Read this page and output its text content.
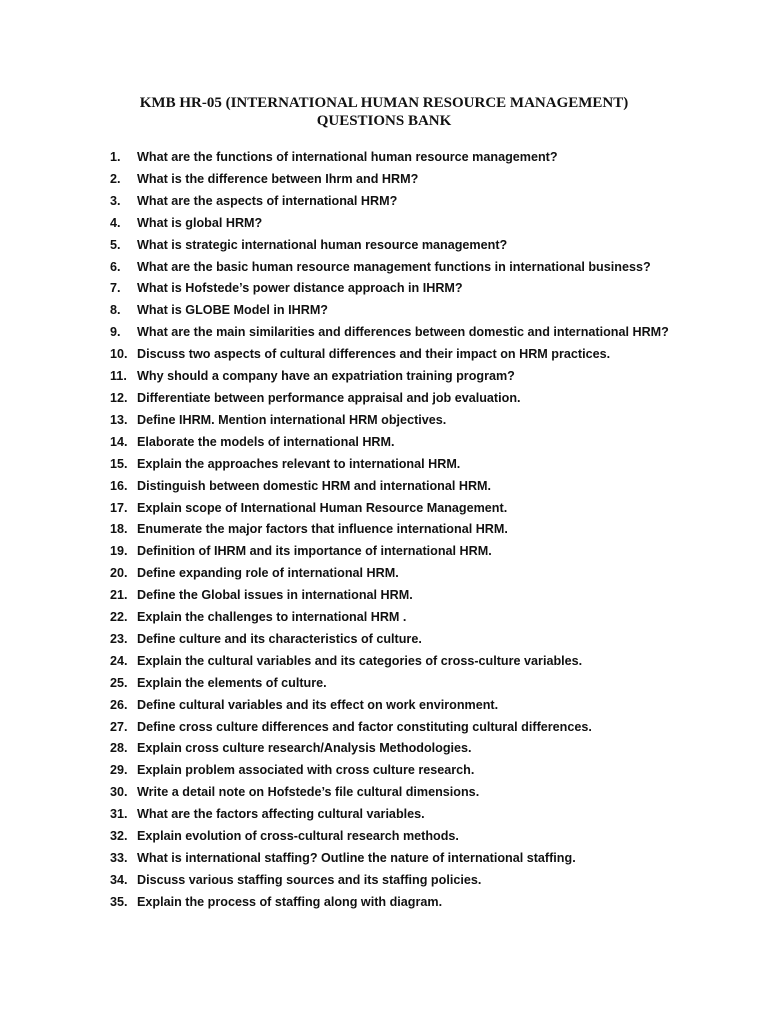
KMB HR-05 (INTERNATIONAL HUMAN RESOURCE MANAGEMENT)
QUESTIONS BANK
1. What are the functions of international human resource management?
2. What is the difference between Ihrm and HRM?
3. What are the aspects of international HRM?
4. What is global HRM?
5. What is strategic international human resource management?
6. What are the basic human resource management functions in international business?
7. What is Hofstede’s power distance approach in IHRM?
8. What is GLOBE Model in IHRM?
9. What are the main similarities and differences between domestic and international HRM?
10. Discuss two aspects of cultural differences and their impact on HRM practices.
11. Why should a company have an expatriation training program?
12. Differentiate between performance appraisal and job evaluation.
13. Define IHRM. Mention international HRM objectives.
14. Elaborate the models of international HRM.
15. Explain the approaches relevant to international HRM.
16. Distinguish between domestic HRM and international HRM.
17. Explain scope of International Human Resource Management.
18. Enumerate the major factors that influence international HRM.
19. Definition of IHRM and its importance of international HRM.
20. Define expanding role of international HRM.
21. Define the Global issues in international HRM.
22. Explain the challenges to international HRM .
23. Define culture and its characteristics of culture.
24. Explain the cultural variables and its categories of cross-culture variables.
25. Explain the elements of culture.
26. Define cultural variables and its effect on work environment.
27. Define cross culture differences and factor constituting cultural differences.
28. Explain cross culture research/Analysis Methodologies.
29. Explain problem associated with cross culture research.
30. Write a detail note on Hofstede’s file cultural dimensions.
31. What are the factors affecting cultural variables.
32. Explain evolution of cross-cultural research methods.
33. What is international staffing? Outline the nature of international staffing.
34. Discuss various staffing sources and its staffing policies.
35. Explain the process of staffing along with diagram.
